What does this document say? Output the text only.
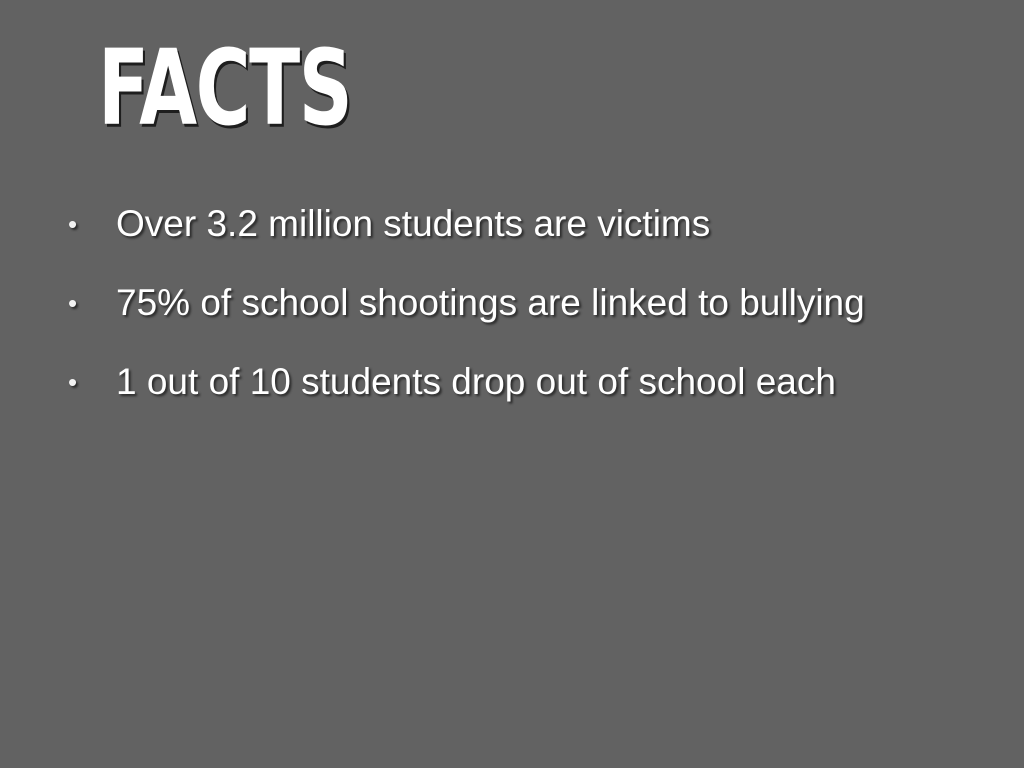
FACTS
•	Over 3.2 million students are victims
•	75% of school shootings are linked to bullying
•	1 out of 10 students drop out of school each
